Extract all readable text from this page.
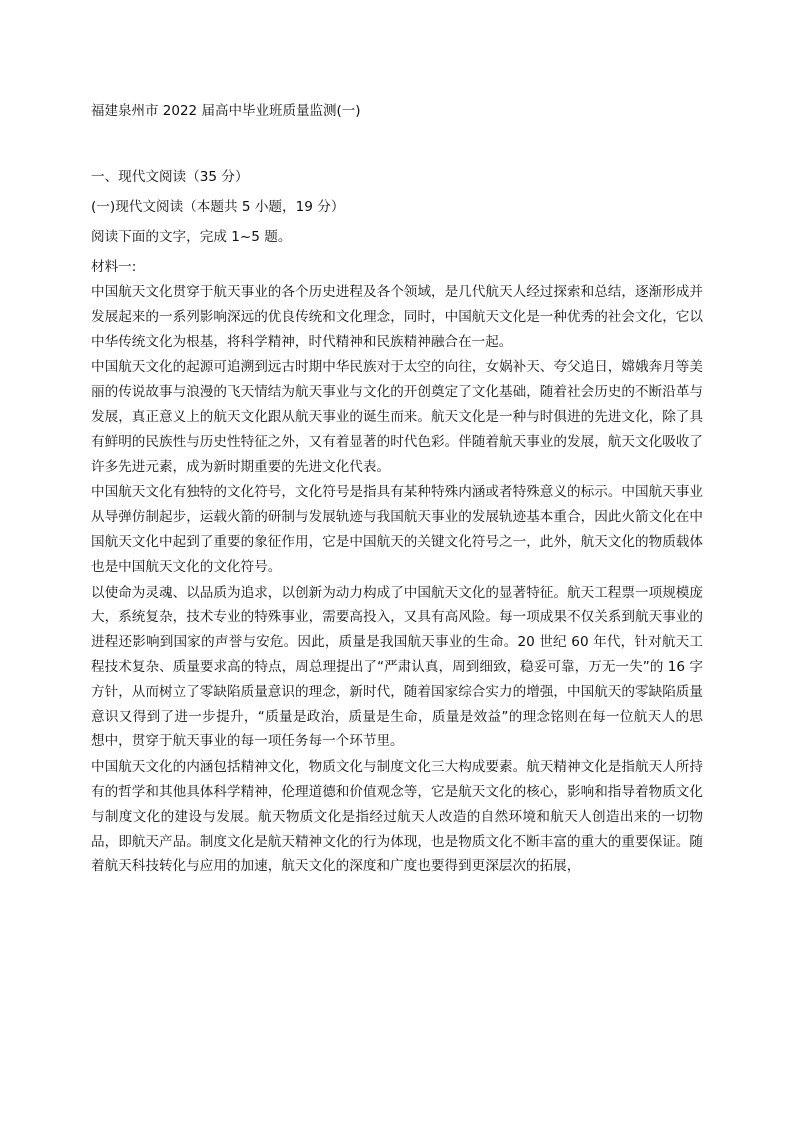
福建泉州市 2022 届高中毕业班质量监测(一)
一、现代文阅读（35 分）
(一)现代文阅读（本题共 5 小题，19 分）
阅读下面的文字，完成 1~5 题。
材料一:
中国航天文化贯穿于航天事业的各个历史进程及各个领域，是几代航天人经过探索和总结，逐渐形成并发展起来的一系列影响深远的优良传统和文化理念，同时，中国航天文化是一种优秀的社会文化，它以中华传统文化为根基，将科学精神，时代精神和民族精神融合在一起。
中国航天文化的起源可追溯到远古时期中华民族对于太空的向往，女娲补天、夸父追日，嫦娥奔月等美丽的传说故事与浪漫的飞天情结为航天事业与文化的开创奠定了文化基础，随着社会历史的不断沿革与发展，真正意义上的航天文化跟从航天事业的诞生而来。航天文化是一种与时俱进的先进文化，除了具有鲜明的民族性与历史性特征之外，又有着显著的时代色彩。伴随着航天事业的发展，航天文化吸收了许多先进元素，成为新时期重要的先进文化代表。
中国航天文化有独特的文化符号，文化符号是指具有某种特殊内涵或者特殊意义的标示。中国航天事业从导弹仿制起步，运载火箭的研制与发展轨迹与我国航天事业的发展轨迹基本重合，因此火箭文化在中国航天文化中起到了重要的象征作用，它是中国航天的关键文化符号之一，此外，航天文化的物质载体也是中国航天文化的文化符号。
以使命为灵魂、以品质为追求，以创新为动力构成了中国航天文化的显著特征。航天工程票一项规模庞大，系统复杂，技术专业的特殊事业，需要高投入，又具有高风险。每一项成果不仅关系到航天事业的进程还影响到国家的声誉与安危。因此，质量是我国航天事业的生命。20 世纪 60 年代，针对航天工程技术复杂、质量要求高的特点，周总理提出了“严肃认真，周到细致，稳妥可靠，万无一失”的 16 字方针，从而树立了零缺陷质量意识的理念，新时代，随着国家综合实力的增强，中国航天的零缺陷质量意识又得到了进一步提升，“质量是政治，质量是生命，质量是效益”的理念铭则在每一位航天人的思想中，贯穿于航天事业的每一项任务每一个环节里。
中国航天文化的内涵包括精神文化，物质文化与制度文化三大构成要素。航天精神文化是指航天人所持有的哲学和其他具体科学精神，伦理道德和价值观念等，它是航天文化的核心，影响和指导着物质文化与制度文化的建设与发展。航天物质文化是指经过航天人改造的自然环境和航天人创造出来的一切物品，即航天产品。制度文化是航天精神文化的行为体现，也是物质文化不断丰富的重大的重要保证。随着航天科技转化与应用的加速，航天文化的深度和广度也要得到更深层次的拓展，
